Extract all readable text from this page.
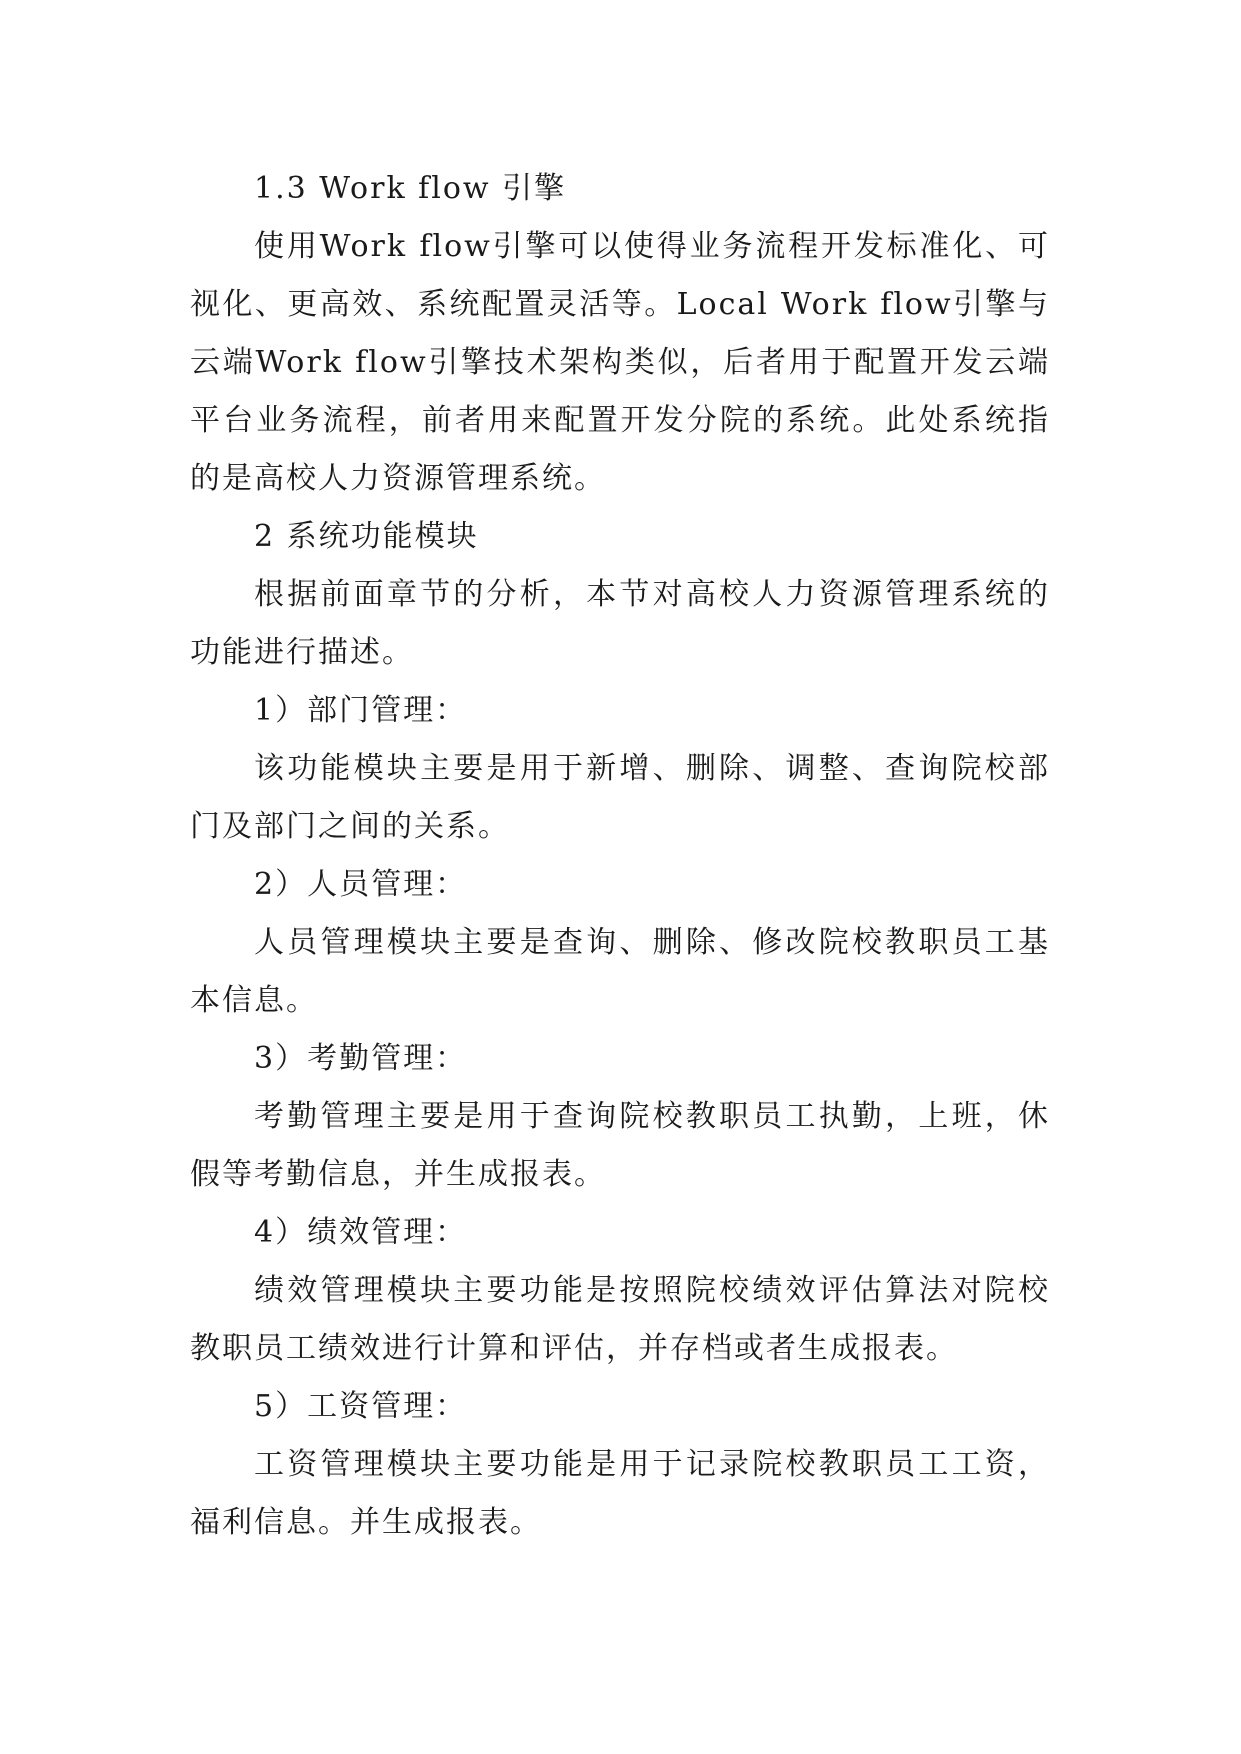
1.3 Work flow 引擎

使用Work flow引擎可以使得业务流程开发标准化、可视化、更高效、系统配置灵活等。Local Work flow引擎与云端Work flow引擎技术架构类似，后者用于配置开发云端平台业务流程，前者用来配置开发分院的系统。此处系统指的是高校人力资源管理系统。

2 系统功能模块

根据前面章节的分析，本节对高校人力资源管理系统的功能进行描述。

1）部门管理：

该功能模块主要是用于新增、删除、调整、查询院校部门及部门之间的关系。

2）人员管理：

人员管理模块主要是查询、删除、修改院校教职员工基本信息。

3）考勤管理：

考勤管理主要是用于查询院校教职员工执勤，上班，休假等考勤信息，并生成报表。

4）绩效管理：

绩效管理模块主要功能是按照院校绩效评估算法对院校教职员工绩效进行计算和评估，并存档或者生成报表。

5）工资管理：

工资管理模块主要功能是用于记录院校教职员工工资，福利信息。并生成报表。
